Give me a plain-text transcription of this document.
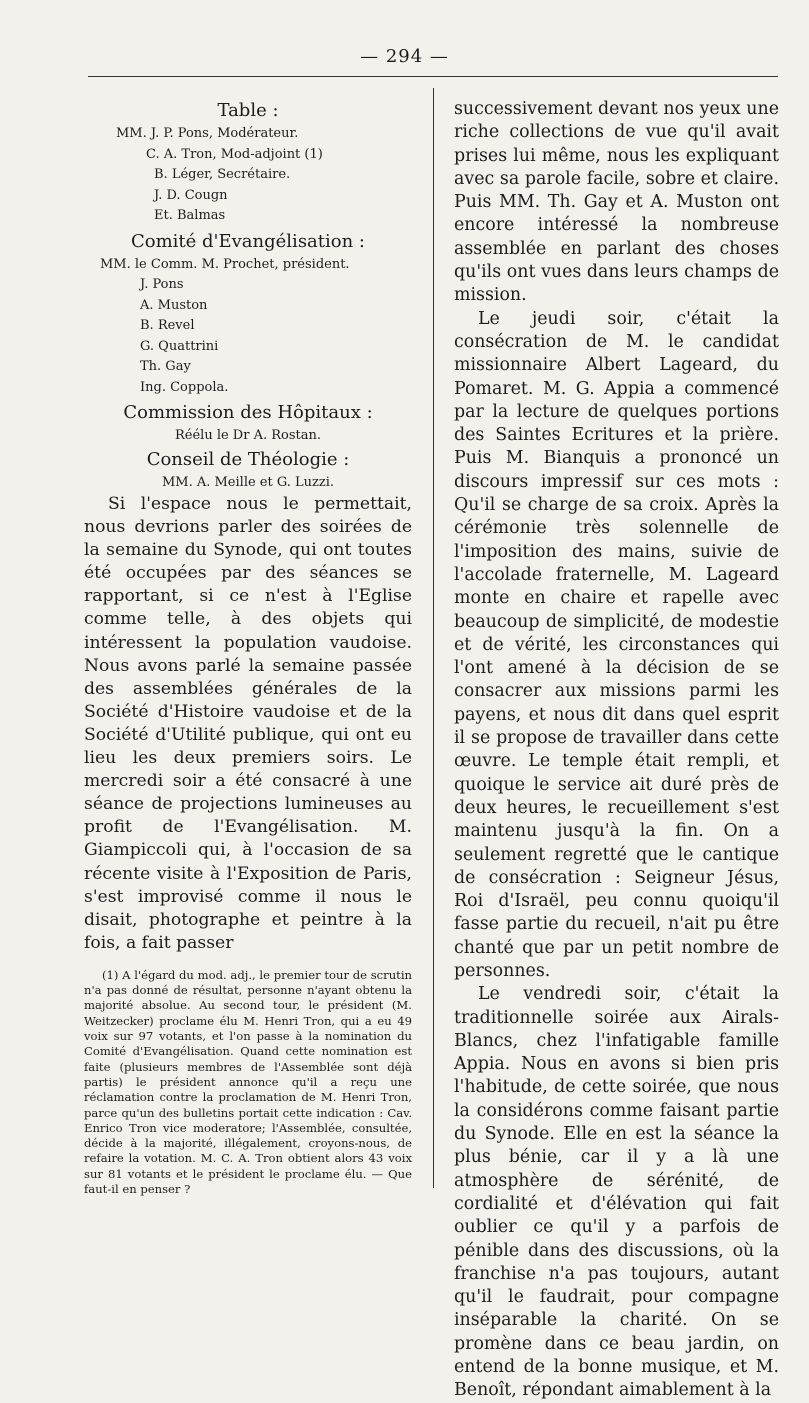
— 294 —
Table :
MM. J. P. Pons, Modérateur.
C. A. Tron, Mod-adjoint (1)
B. Léger, Secrétaire.
J. D. Cougn
Et. Balmas
Comité d'Evangélisation :
MM. le Comm. M. Prochet, président.
J. Pons
A. Muston
B. Revel
G. Quattrini
Th. Gay
Ing. Coppola.
Commission des Hôpitaux :
Réélu le Dr A. Rostan.
Conseil de Théologie :
MM. A. Meille et G. Luzzi.
Si l'espace nous le permettait, nous devrions parler des soirées de la semaine du Synode, qui ont toutes été occupées par des séances se rapportant, si ce n'est à l'Eglise comme telle, à des objets qui intéressent la population vaudoise. Nous avons parlé la semaine passée des assemblées générales de la Société d'Histoire vaudoise et de la Société d'Utilité publique, qui ont eu lieu les deux premiers soirs. Le mercredi soir a été consacré à une séance de projections lumineuses au profit de l'Evangélisation. M. Giampiccoli qui, à l'occasion de sa récente visite à l'Exposition de Paris, s'est improvisé comme il nous le disait, photographe et peintre à la fois, a fait passer
(1) A l'égard du mod. adj., le premier tour de scrutin n'a pas donné de résultat, personne n'ayant obtenu la majorité absolue. Au second tour, le président (M. Weitzecker) proclame élu M. Henri Tron, qui a eu 49 voix sur 97 votants, et l'on passe à la nomination du Comité d'Evangélisation. Quand cette nomination est faite (plusieurs membres de l'Assemblée sont déjà partis) le président annonce qu'il a reçu une réclamation contre la proclamation de M. Henri Tron, parce qu'un des bulletins portait cette indication : Cav. Enrico Tron vice moderatore; l'Assemblée, consultée, décide à la majorité, illégalement, croyons-nous, de refaire la votation. M. C. A. Tron obtient alors 43 voix sur 81 votants et le président le proclame élu. — Que faut-il en penser ?
successivement devant nos yeux une riche collections de vue qu'il avait prises lui même, nous les expliquant avec sa parole facile, sobre et claire. Puis MM. Th. Gay et A. Muston ont encore intéressé la nombreuse assemblée en parlant des choses qu'ils ont vues dans leurs champs de mission.
Le jeudi soir, c'était la consécration de M. le candidat missionnaire Albert Lageard, du Pomaret. M. G. Appia a commencé par la lecture de quelques portions des Saintes Ecritures et la prière. Puis M. Bianquis a prononcé un discours impressif sur ces mots : Qu'il se charge de sa croix. Après la cérémonie très solennelle de l'imposition des mains, suivie de l'accolade fraternelle, M. Lageard monte en chaire et rapelle avec beaucoup de simplicité, de modestie et de vérité, les circonstances qui l'ont amené à la décision de se consacrer aux missions parmi les payens, et nous dit dans quel esprit il se propose de travailler dans cette œuvre. Le temple était rempli, et quoique le service ait duré près de deux heures, le recueillement s'est maintenu jusqu'à la fin. On a seulement regretté que le cantique de consécration : Seigneur Jésus, Roi d'Israël, peu connu quoiqu'il fasse partie du recueil, n'ait pu être chanté que par un petit nombre de personnes.
Le vendredi soir, c'était la traditionnelle soirée aux Airals-Blancs, chez l'infatigable famille Appia. Nous en avons si bien pris l'habitude, de cette soirée, que nous la considérons comme faisant partie du Synode. Elle en est la séance la plus bénie, car il y a là une atmosphère de sérénité, de cordialité et d'élévation qui fait oublier ce qu'il y a parfois de pénible dans des discussions, où la franchise n'a pas toujours, autant qu'il le faudrait, pour compagne inséparable la charité. On se promène dans ce beau jardin, on entend de la bonne musique, et M. Benoît, répondant aimablement à la
